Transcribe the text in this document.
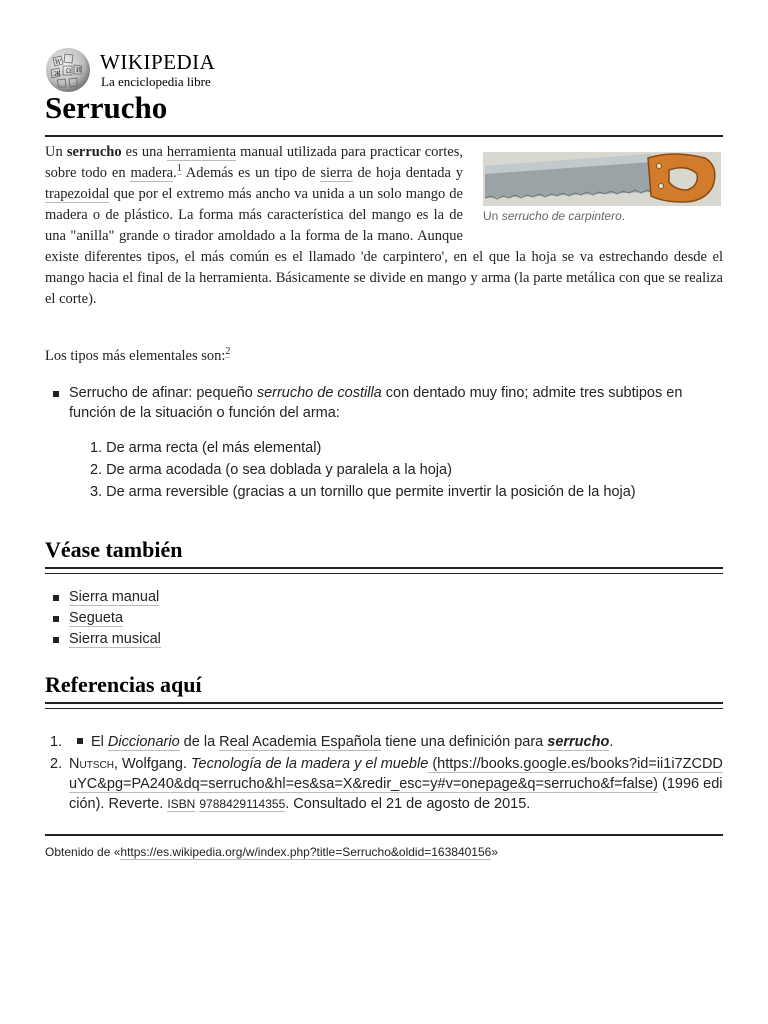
W
Ω И
Ж
WIKIPEDIA
La enciclopedia libre
Serrucho

Un serrucho de carpintero.
Un serrucho es una herramienta manual utilizada para practicar cortes, sobre todo en madera.$^1$ Además es un tipo de sierra de hoja dentada y trapezoidal que por el extremo más ancho va unida a un solo mango de madera o de plástico. La forma más característica del mango es la de una "anilla" grande o tirador amoldado a la forma de la mano. Aunque existe diferentes tipos, el más común es el llamado 'de carpintero', en el que la hoja se va estrechando desde el mango hacia el final de la herramienta. Básicamente se divide en mango y arma (la parte metálica con que se realiza el corte).

Los tipos más elementales son:$^2$

Serrucho de afinar: pequeño serrucho de costilla con dentado muy fino; admite tres subtipos en función de la situación o función del arma:
1. De arma recta (el más elemental)
2. De arma acodada (o sea doblada y paralela a la hoja)
3. De arma reversible (gracias a un tornillo que permite invertir la posición de la hoja)
Véase también
Sierra manual
Segueta
Sierra musical
Referencias aquí
1. El Diccionario de la Real Academia Española tiene una definición para serrucho.
2. Nutsch, Wolfgang. Tecnología de la madera y el mueble (https://books.google.es/books?id=ii1i7ZCDDuYC&pg=PA240&dq=serrucho&hl=es&sa=X&redir_esc=y#v=onepage&q=serrucho&f=false) (1996 edición). Reverte. ISBN 9788429114355. Consultado el 21 de agosto de 2015.
Obtenido de «https://es.wikipedia.org/w/index.php?title=Serrucho&oldid=163840156»
